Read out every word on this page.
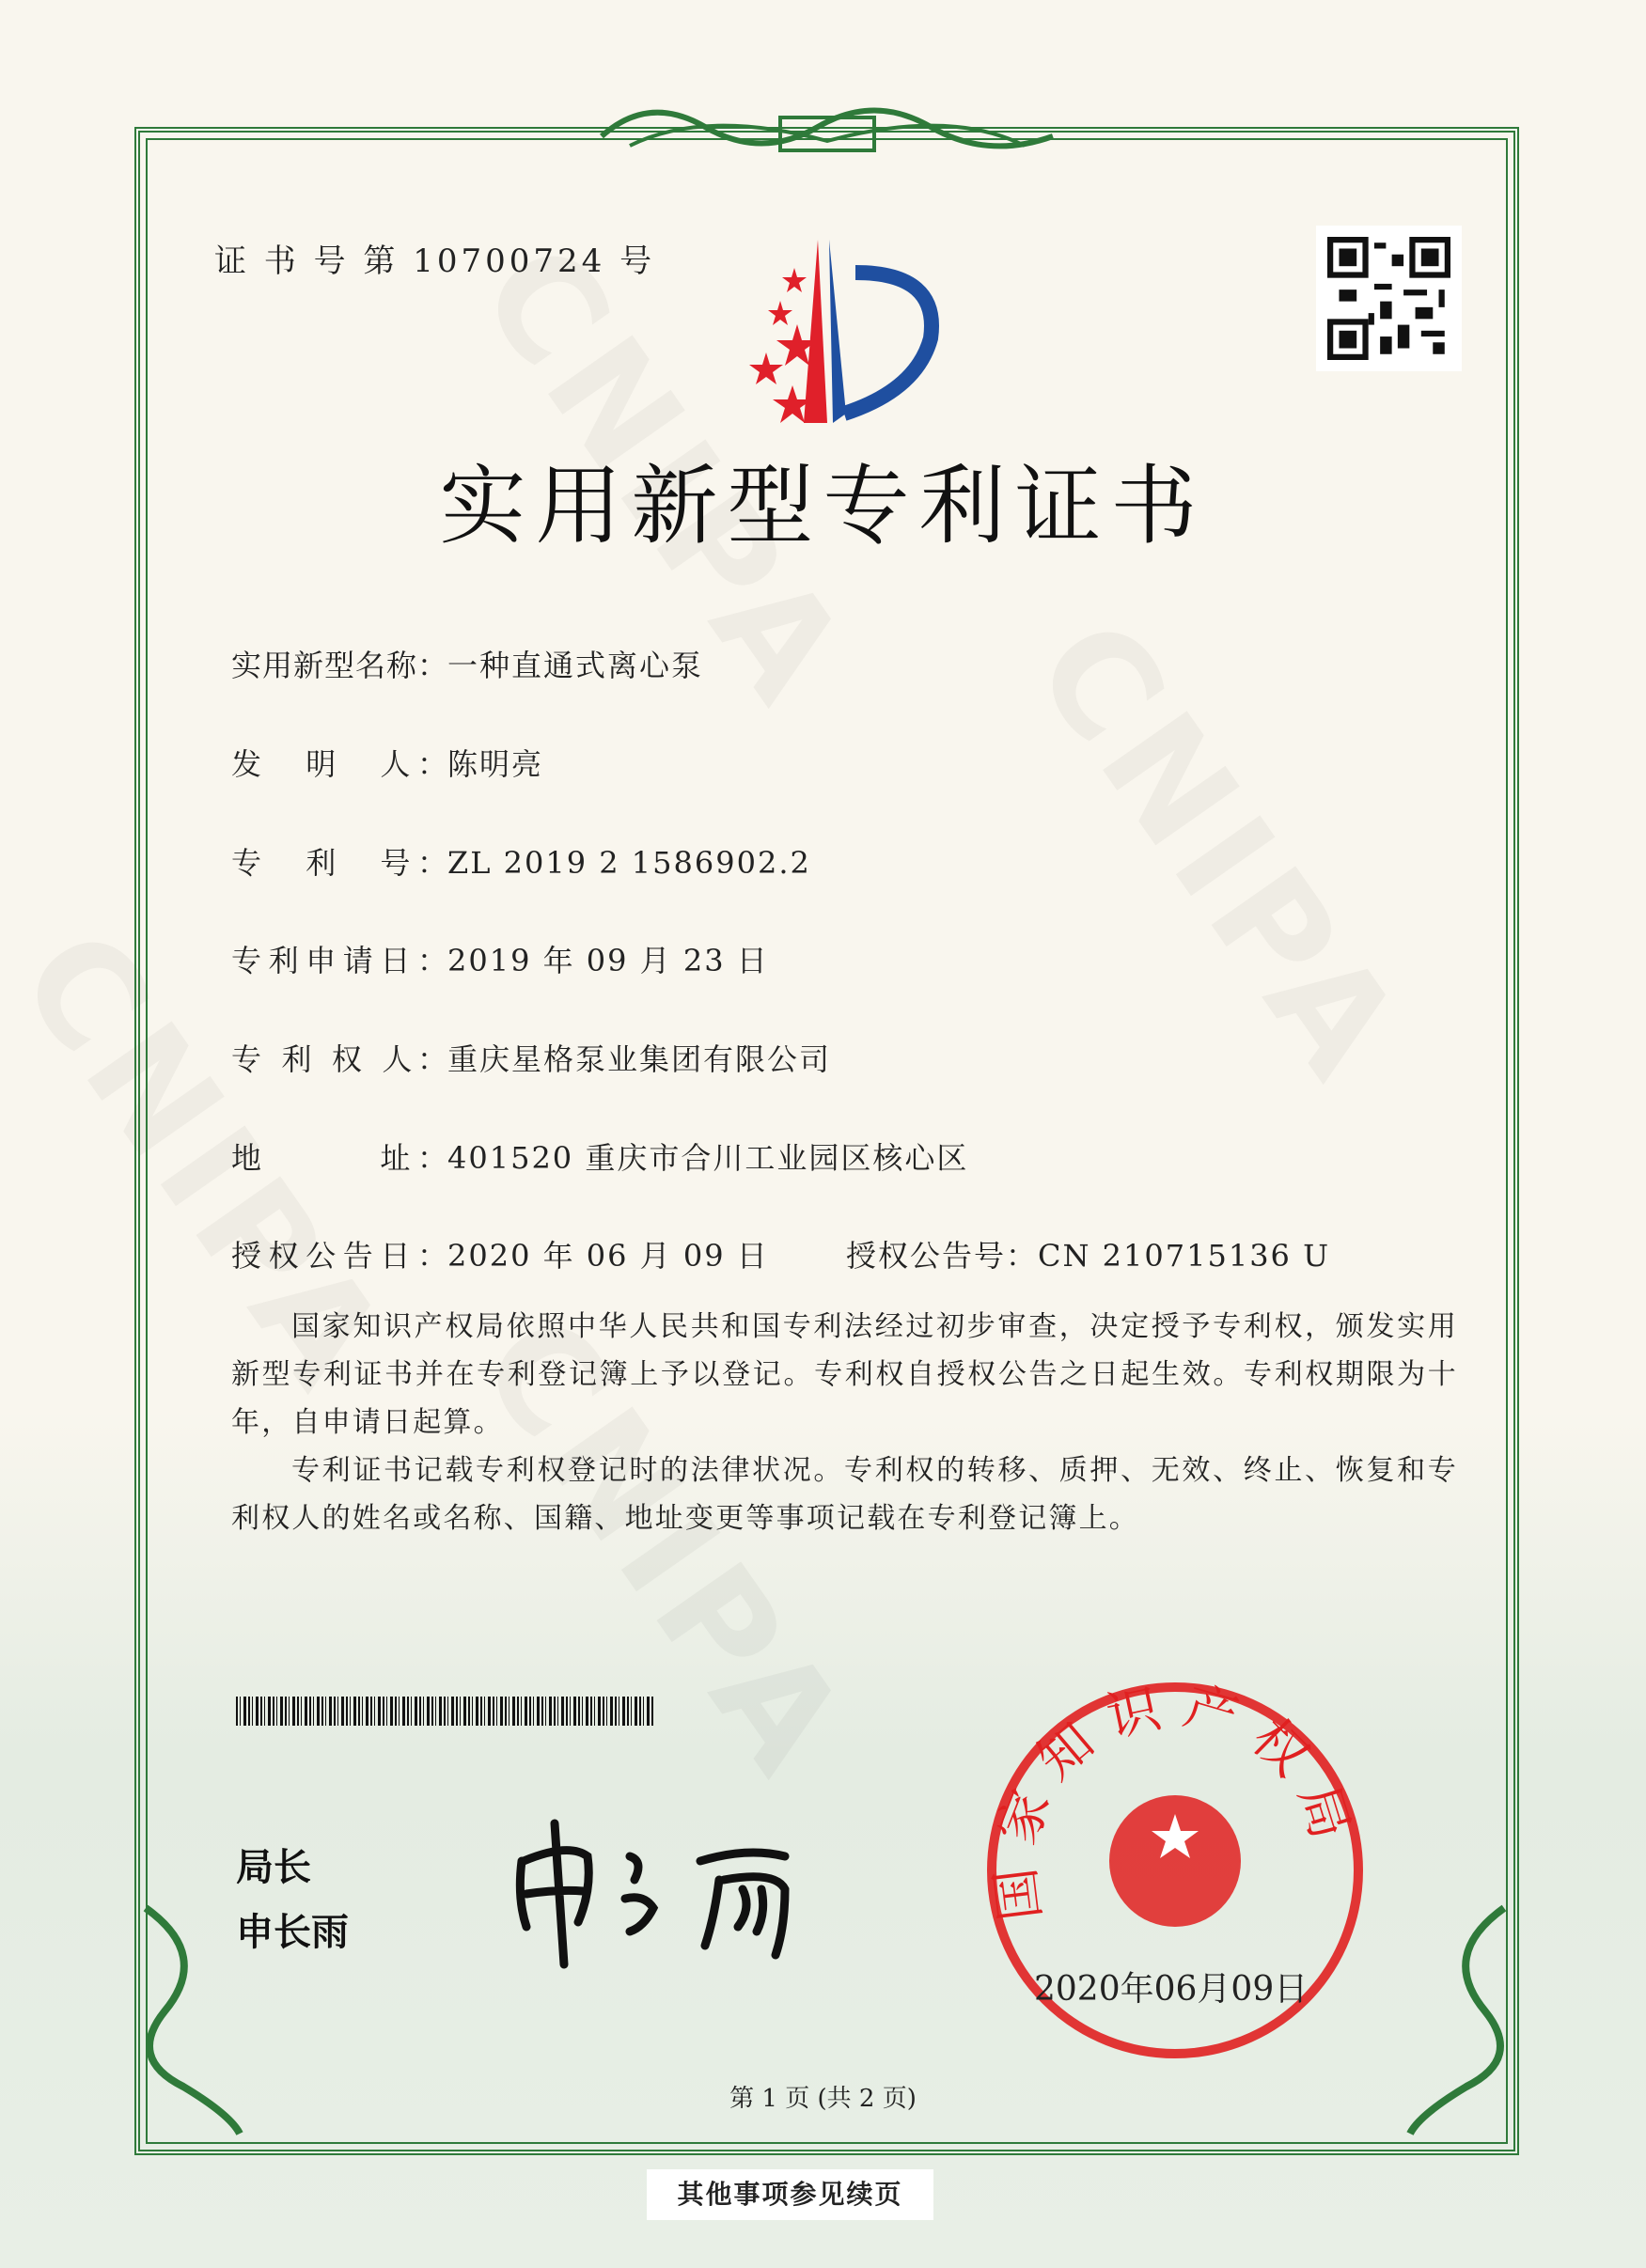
证 书 号 第 10700724 号
实用新型专利证书
实用新型名称：一种直通式离心泵
发　明　人：陈明亮
专　利　号：ZL 2019 2 1586902.2
专利申请日：2019 年 09 月 23 日
专 利 权 人：重庆星格泵业集团有限公司
地　　　址：401520 重庆市合川工业园区核心区
授权公告日：2020 年 06 月 09 日	授权公告号：CN 210715136 U
国家知识产权局依照中华人民共和国专利法经过初步审查，决定授予专利权，颁发实用新型专利证书并在专利登记簿上予以登记。专利权自授权公告之日起生效。专利权期限为十年，自申请日起算。
专利证书记载专利权登记时的法律状况。专利权的转移、质押、无效、终止、恢复和专利权人的姓名或名称、国籍、地址变更等事项记载在专利登记簿上。
局长
申长雨
国家知识产权局
2020年06月09日
第 1 页 (共 2 页)
其他事项参见续页
